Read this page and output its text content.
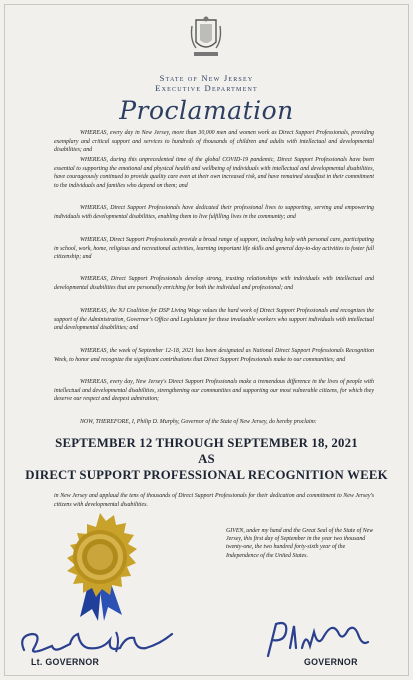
State of New Jersey
Executive Department
Proclamation
WHEREAS, every day in New Jersey, more than 30,000 men and women work as Direct Support Professionals, providing exemplary and critical support and services to hundreds of thousands of children and adults with intellectual and developmental disabilities; and
WHEREAS, during this unprecedented time of the global COVID-19 pandemic, Direct Support Professionals have been essential to supporting the emotional and physical health and wellbeing of individuals with intellectual and developmental disabilities, have courageously continued to provide quality care even at their own increased risk, and have remained steadfast in their commitment to the individuals and families who depend on them; and
WHEREAS, Direct Support Professionals have dedicated their professional lives to supporting, serving and empowering individuals with developmental disabilities, enabling them to live fulfilling lives in the community; and
WHEREAS, Direct Support Professionals provide a broad range of support, including help with personal care, participating in school, work, home, religious and recreational activities, learning important life skills and general day-to-day activities to foster full citizenship; and
WHEREAS, Direct Support Professionals develop strong, trusting relationships with individuals with intellectual and developmental disabilities that are personally enriching for both the individual and professional; and
WHEREAS, the NJ Coalition for DSP Living Wage values the hard work of Direct Support Professionals and recognizes the support of the Administration, Governor's Office and Legislature for these invaluable workers who support individuals with intellectual and developmental disabilities; and
WHEREAS, the week of September 12-18, 2021 has been designated as National Direct Support Professionals Recognition Week, to honor and recognize the significant contributions that Direct Support Professionals make to our communities; and
WHEREAS, every day, New Jersey's Direct Support Professionals make a tremendous difference in the lives of people with intellectual and developmental disabilities, strengthening our communities and supporting our most vulnerable citizens, for which they deserve our respect and deepest admiration;
NOW, THEREFORE, I, Philip D. Murphy, Governor of the State of New Jersey, do hereby proclaim:
SEPTEMBER 12 THROUGH SEPTEMBER 18, 2021
AS
DIRECT SUPPORT PROFESSIONAL RECOGNITION WEEK
in New Jersey and applaud the tens of thousands of Direct Support Professionals for their dedication and commitment to New Jersey's citizens with developmental disabilities.
GIVEN, under my hand and the Great Seal of the State of New Jersey, this first day of September in the year two thousand twenty-one, the two hundred forty-sixth year of the Independence of the United States.
Lt. GOVERNOR	GOVERNOR
